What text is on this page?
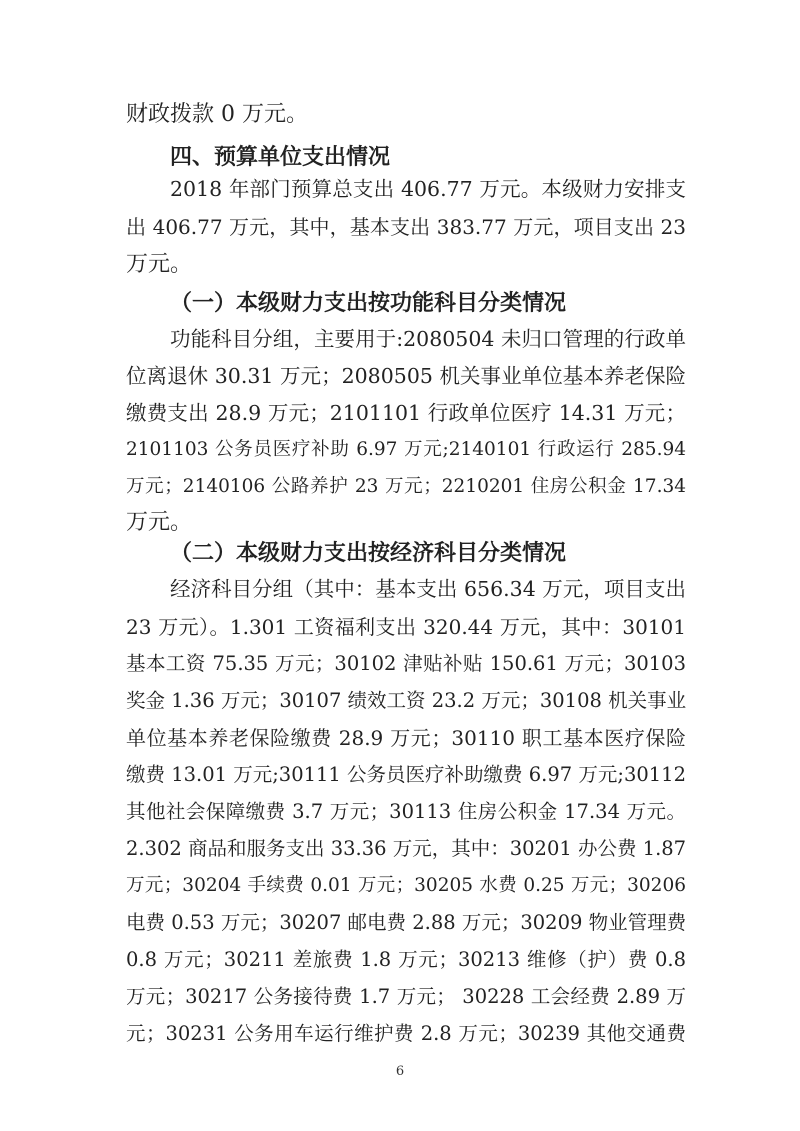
财政拨款 0 万元。
四、预算单位支出情况
2018 年部门预算总支出 406.77 万元。本级财力安排支
出 406.77 万元，其中，基本支出 383.77 万元，项目支出 23
万元。
（一）本级财力支出按功能科目分类情况
功能科目分组，主要用于:2080504 未归口管理的行政单
位离退休 30.31 万元；2080505 机关事业单位基本养老保险
缴费支出 28.9 万元；2101101 行政单位医疗 14.31 万元；
2101103 公务员医疗补助 6.97 万元;2140101 行政运行 285.94
万元；2140106 公路养护 23 万元；2210201 住房公积金 17.34
万元。
（二）本级财力支出按经济科目分类情况
经济科目分组（其中：基本支出 656.34 万元，项目支出
23 万元）。1.301 工资福利支出 320.44 万元，其中：30101
基本工资 75.35 万元；30102 津贴补贴 150.61 万元；30103
奖金 1.36 万元；30107 绩效工资 23.2 万元；30108 机关事业
单位基本养老保险缴费 28.9 万元；30110 职工基本医疗保险
缴费 13.01 万元;30111 公务员医疗补助缴费 6.97 万元;30112
其他社会保障缴费 3.7 万元；30113 住房公积金 17.34 万元。
2.302 商品和服务支出 33.36 万元，其中：30201 办公费 1.87
万元；30204 手续费 0.01 万元；30205 水费 0.25 万元；30206
电费 0.53 万元；30207 邮电费 2.88 万元；30209 物业管理费
0.8 万元；30211 差旅费 1.8 万元；30213 维修（护）费 0.8
万元；30217 公务接待费 1.7 万元； 30228 工会经费 2.89 万
元；30231 公务用车运行维护费 2.8 万元；30239 其他交通费
6
